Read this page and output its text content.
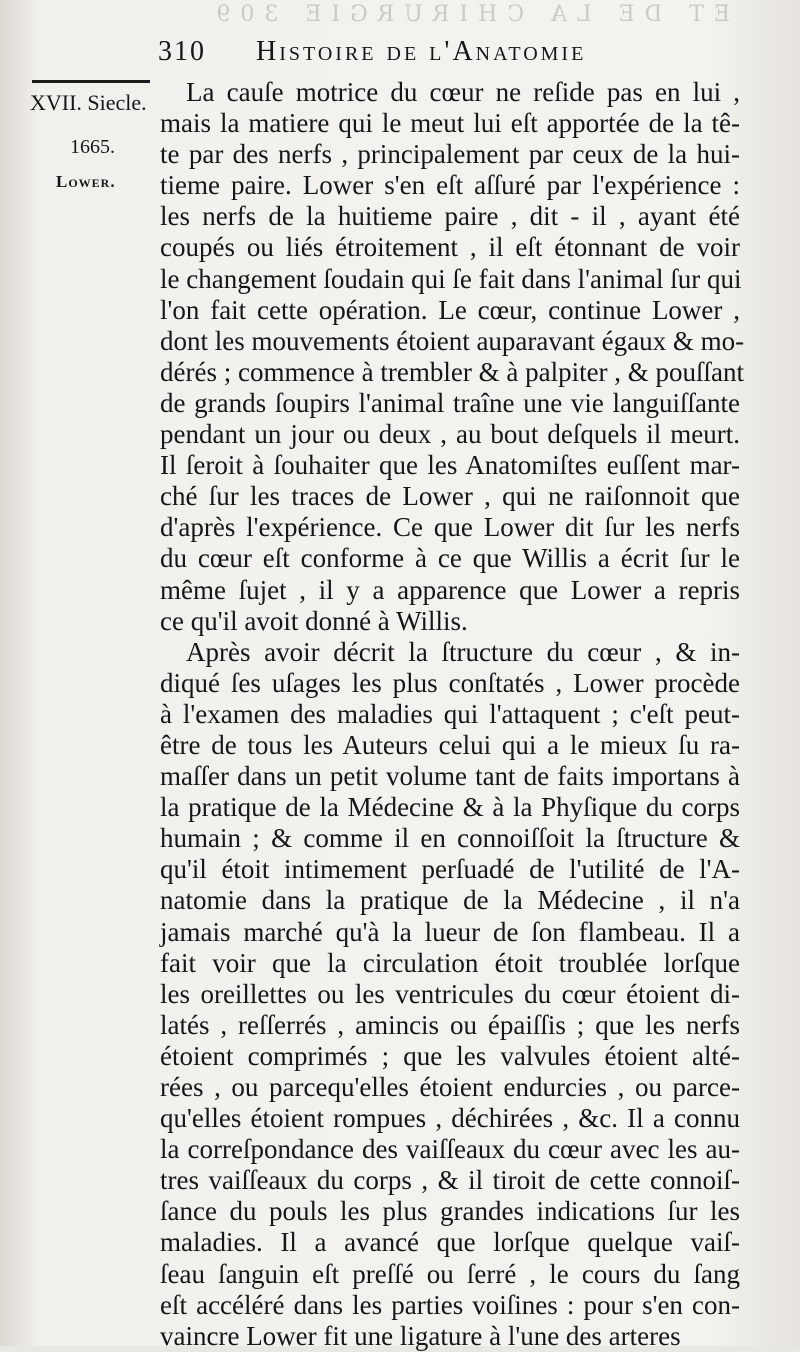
ET DE LA CHIRURGIE 309
310 Histoire de l'Anatomie
XVII. Siecle.
1665.
Lower.
La cauſe motrice du cœur ne reſide pas en lui ,
mais la matiere qui le meut lui eſt apportée de la tê-
te par des nerfs , principalement par ceux de la hui-
tieme paire. Lower s'en eſt aſſuré par l'expérience :
les nerfs de la huitieme paire , dit - il , ayant été
coupés ou liés étroitement , il eſt étonnant de voir
le changement ſoudain qui ſe fait dans l'animal ſur qui
l'on fait cette opération. Le cœur, continue Lower ,
dont les mouvements étoient auparavant égaux & mo-
dérés ; commence à trembler & à palpiter , & pouſſant
de grands ſoupirs l'animal traîne une vie languiſſante
pendant un jour ou deux , au bout deſquels il meurt.
Il ſeroit à ſouhaiter que les Anatomiſtes euſſent mar-
ché ſur les traces de Lower , qui ne raiſonnoit que
d'après l'expérience. Ce que Lower dit ſur les nerfs
du cœur eſt conforme à ce que Willis a écrit ſur le
même ſujet , il y a apparence que Lower a repris
ce qu'il avoit donné à Willis.
Après avoir décrit la ſtructure du cœur , & in-
diqué ſes uſages les plus conſtatés , Lower procède
à l'examen des maladies qui l'attaquent ; c'eſt peut-
être de tous les Auteurs celui qui a le mieux ſu ra-
maſſer dans un petit volume tant de faits importans à
la pratique de la Médecine & à la Phyſique du corps
humain ; & comme il en connoiſſoit la ſtructure &
qu'il étoit intimement perſuadé de l'utilité de l'A-
natomie dans la pratique de la Médecine , il n'a
jamais marché qu'à la lueur de ſon flambeau. Il a
fait voir que la circulation étoit troublée lorſque
les oreillettes ou les ventricules du cœur étoient di-
latés , reſſerrés , amincis ou épaiſſis ; que les nerfs
étoient comprimés ; que les valvules étoient alté-
rées , ou parcequ'elles étoient endurcies , ou parce-
qu'elles étoient rompues , déchirées , &c. Il a connu
la correſpondance des vaiſſeaux du cœur avec les au-
tres vaiſſeaux du corps , & il tiroit de cette connoiſ-
ſance du pouls les plus grandes indications ſur les
maladies. Il a avancé que lorſque quelque vaiſ-
ſeau ſanguin eſt preſſé ou ſerré , le cours du ſang
eſt accéléré dans les parties voiſines : pour s'en con-
vaincre Lower fit une ligature à l'une des arteres
